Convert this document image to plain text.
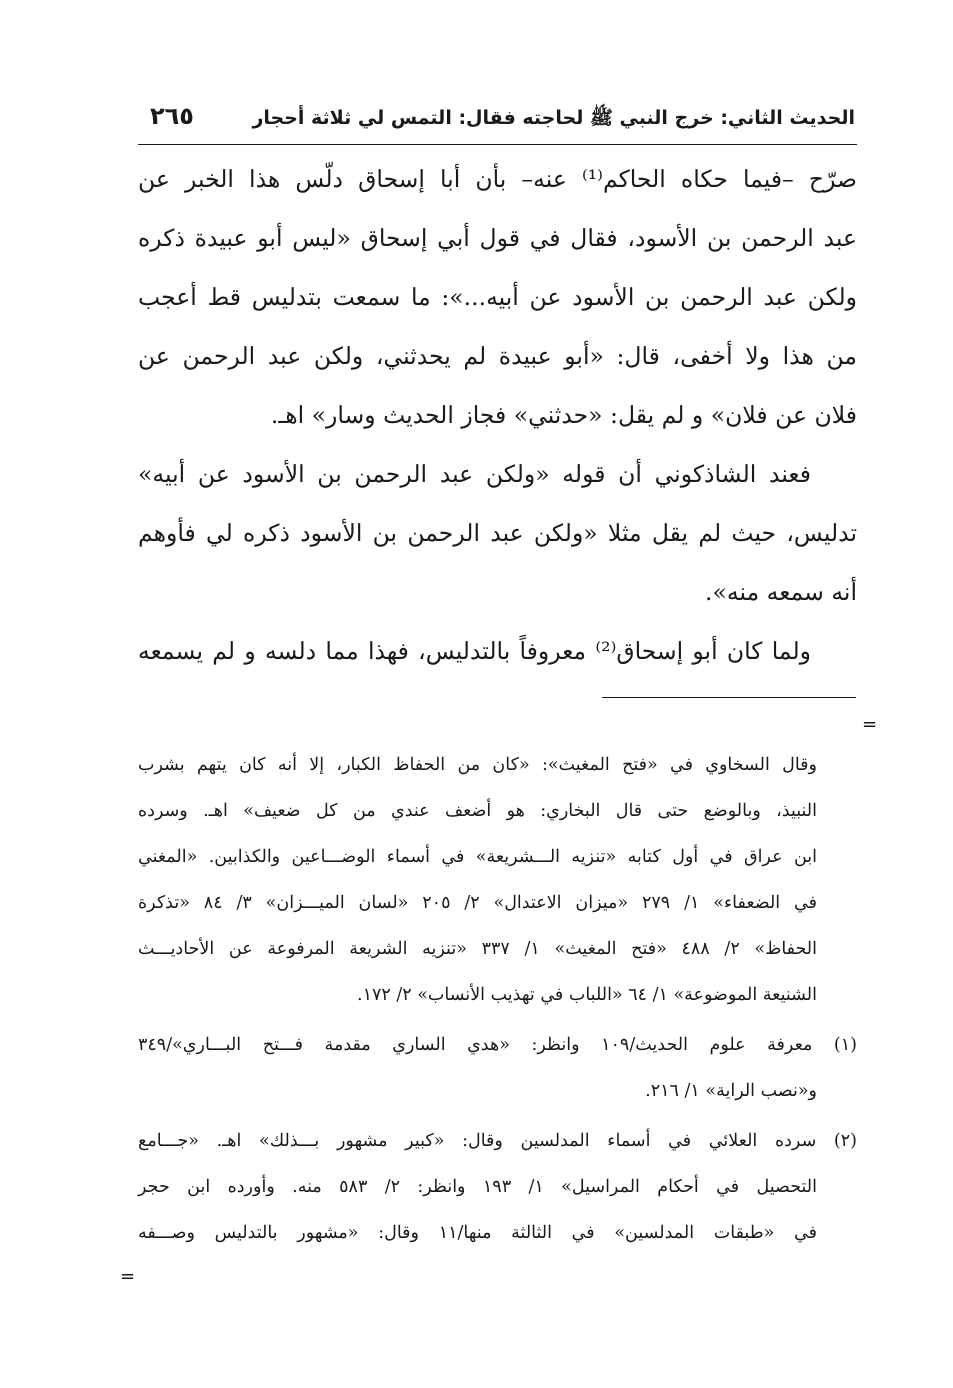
الحديث الثاني: خرج النبي ﷺ لحاجته فقال: التمس لي ثلاثة أحجار
٢٦٥
صرّح –فيما حكاه الحاكم⁽¹⁾ عنه– بأن أبا إسحاق دلّس هذا الخبر عن
عبد الرحمن بن الأسود، فقال في قول أبي إسحاق «ليس أبو عبيدة ذكره
ولكن عبد الرحمن بن الأسود عن أبيه...»: ما سمعت بتدليس قط أعجب
من هذا ولا أخفى، قال: «أبو عبيدة لم يحدثني، ولكن عبد الرحمن عن
فلان عن فلان» و لم يقل: «حدثني» فجاز الحديث وسار» اهـ.
فعند الشاذكوني أن قوله «ولكن عبد الرحمن بن الأسود عن أبيه»
تدليس، حيث لم يقل مثلا «ولكن عبد الرحمن بن الأسود ذكره لي فأوهم
أنه سمعه منه».
ولما كان أبو إسحاق⁽²⁾ معروفاً بالتدليس، فهذا مما دلسه و لم يسمعه
=
وقال السخاوي في «فتح المغيث»: «كان من الحفاظ الكبار، إلا أنه كان يتهم بشرب
النبيذ، وبالوضع حتى قال البخاري: هو أضعف عندي من كل ضعيف» اهـ. وسرده
ابن عراق في أول كتابه «تنزيه الـــشريعة» في أسماء الوضـــاعين والكذابين. «المغني
في الضعفاء» ١/ ٢٧٩ «ميزان الاعتدال» ٢/ ٢٠٥ «لسان الميـــزان» ٣/ ٨٤ «تذكرة
الحفاظ» ٢/ ٤٨٨ «فتح المغيث» ١/ ٣٣٧ «تنزيه الشريعة المرفوعة عن الأحاديـــث
الشنيعة الموضوعة» ١/ ٦٤ «اللباب في تهذيب الأنساب» ٢/ ١٧٢.
(١) معرفة علوم الحديث/١٠٩ وانظر: «هدي الساري مقدمة فـــتح البـــاري»/٣٤٩
و«نصب الراية» ١/ ٢١٦.
(٢) سرده العلائي في أسماء المدلسين وقال: «كبير مشهور بـــذلك» اهـ. «جـــامع
التحصيل في أحكام المراسيل» ١/ ١٩٣ وانظر: ٢/ ٥٨٣ منه. وأورده ابن حجر
في «طبقات المدلسين» في الثالثة منها/١١ وقال: «مشهور بالتدليس وصـــفه
=
